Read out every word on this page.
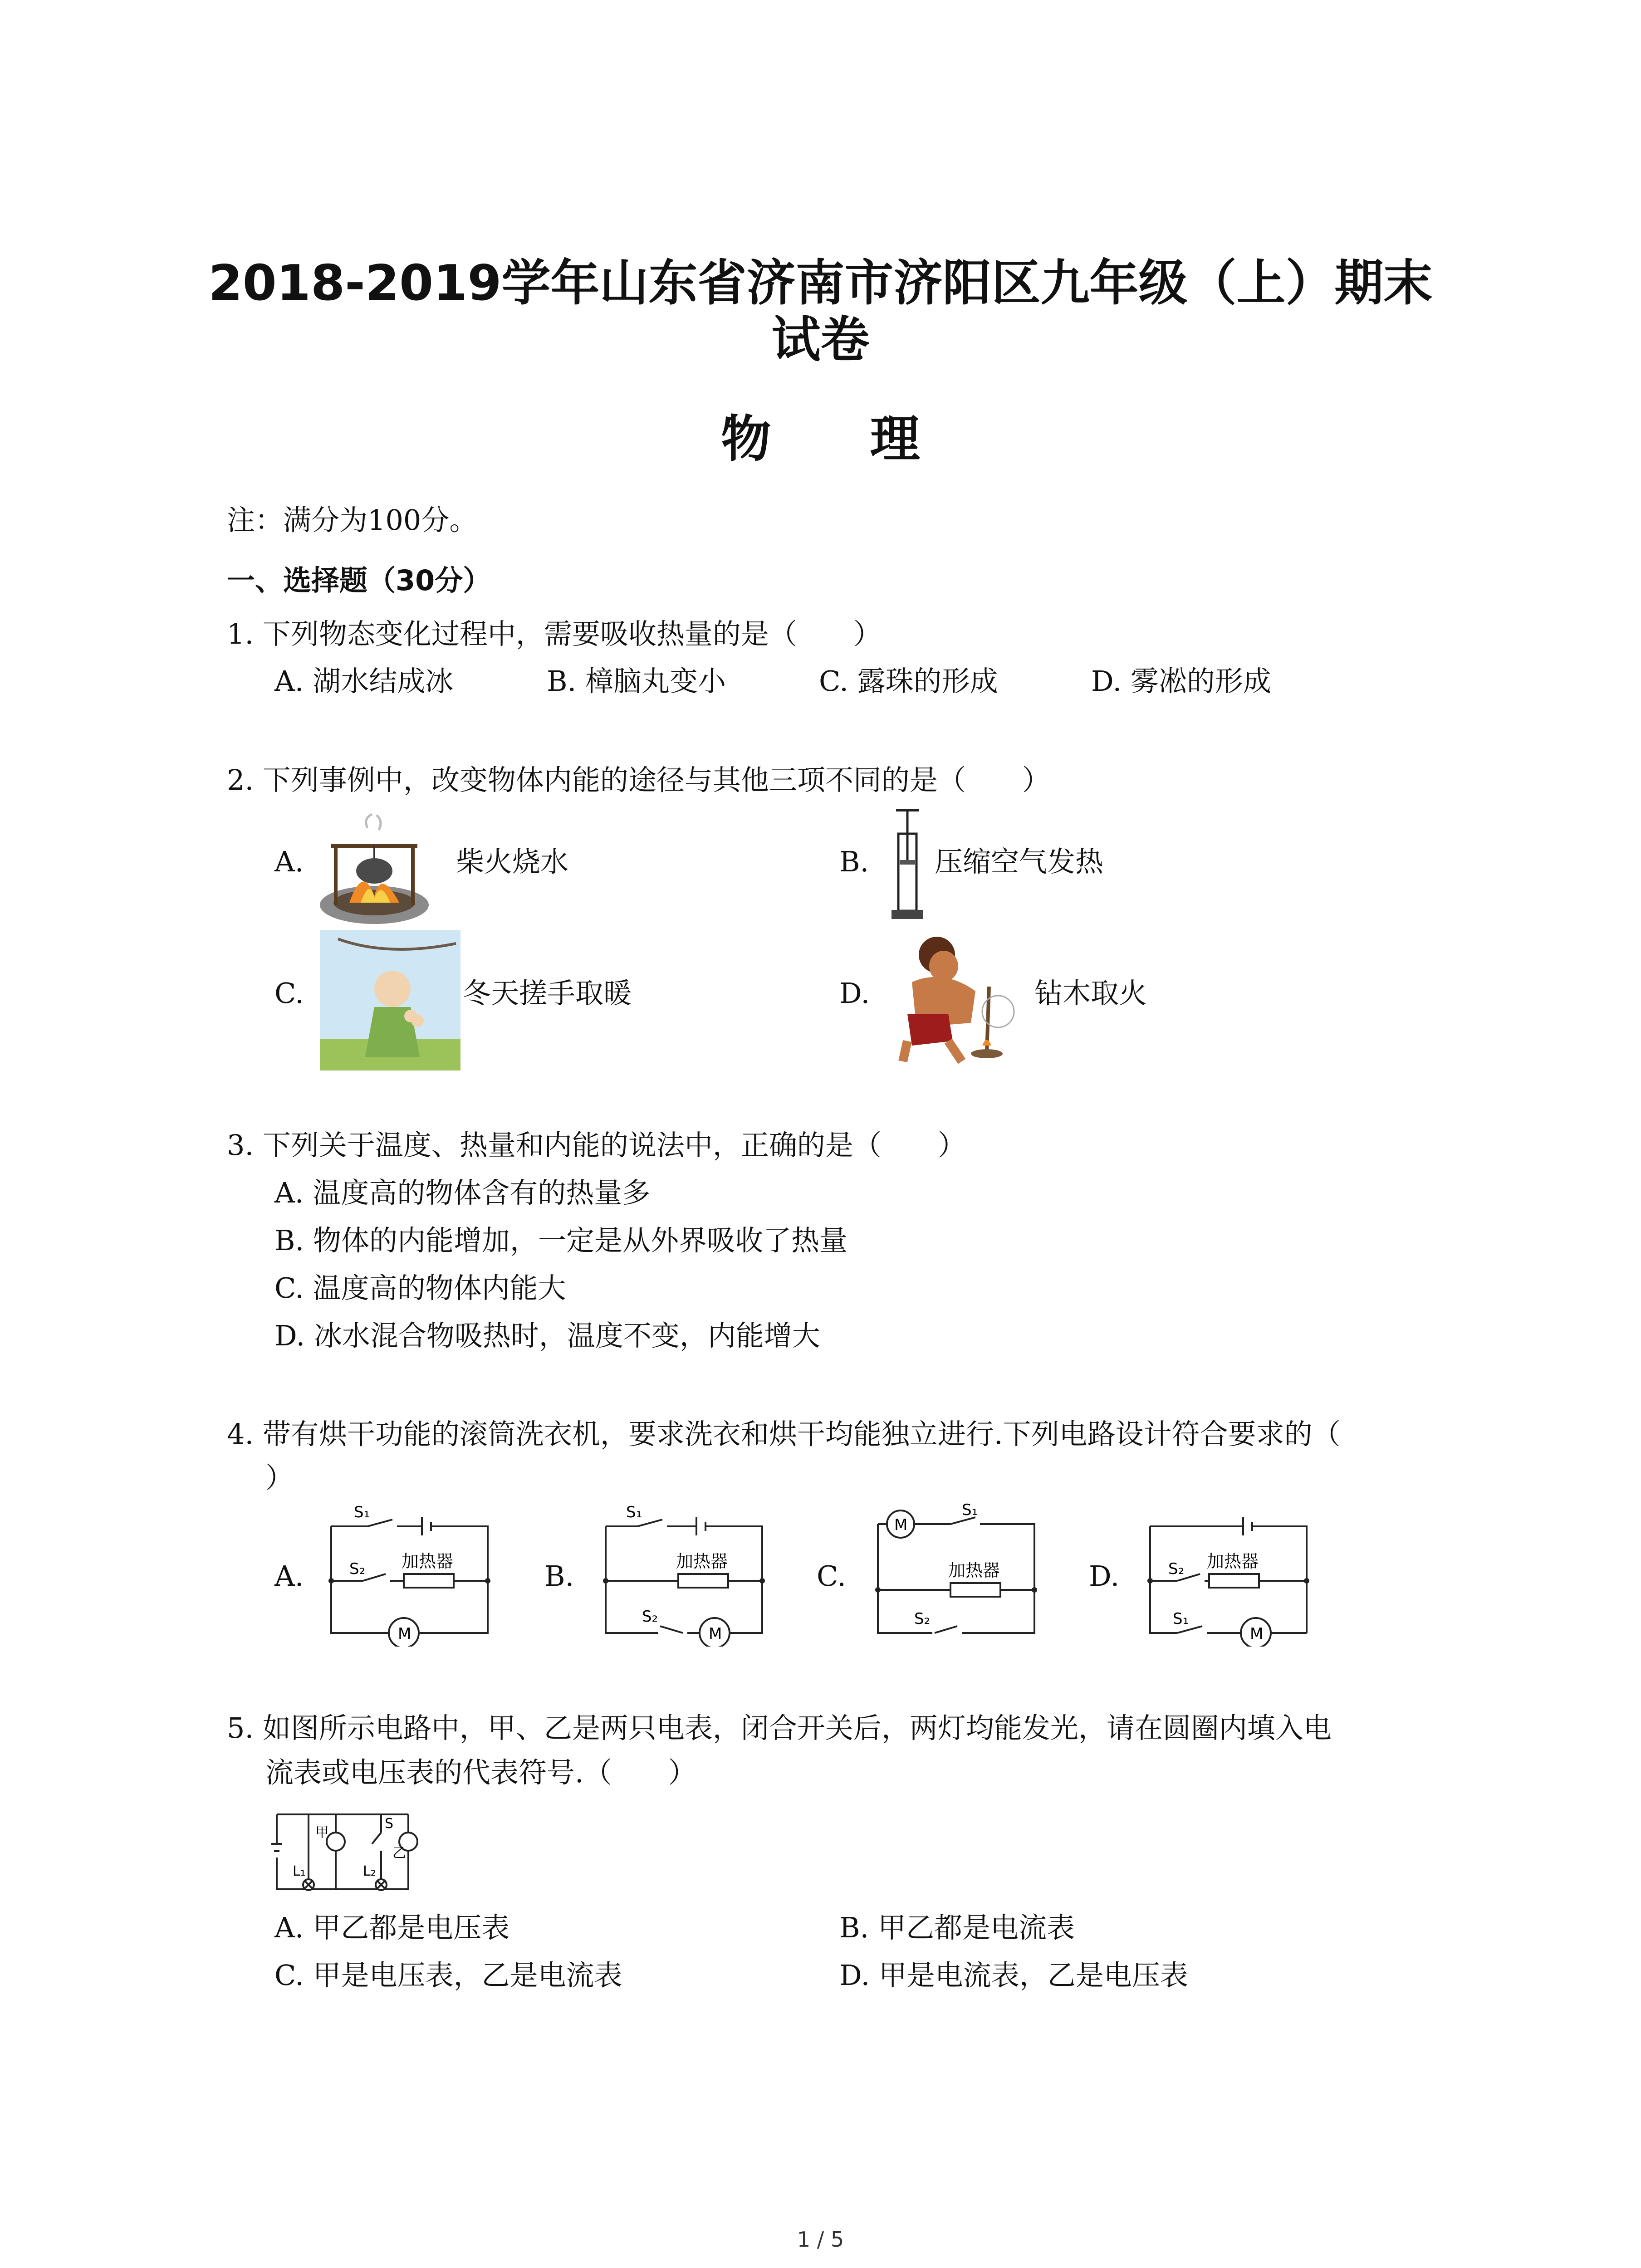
2018-2019学年山东省济南市济阳区九年级（上）期末
试卷
物 理
注：满分为100分。
一、选择题（30分）
1. 下列物态变化过程中，需要吸收热量的是（　　）
A. 湖水结成冰	B. 樟脑丸变小	C. 露珠的形成	D. 雾凇的形成
2. 下列事例中，改变物体内能的途径与其他三项不同的是（　　）
A.	柴火烧水	B. 压缩空气发热
C.	冬天搓手取暖	D.	钻木取火
3. 下列关于温度、热量和内能的说法中，正确的是（　　）
A. 温度高的物体含有的热量多
B. 物体的内能增加，一定是从外界吸收了热量
C. 温度高的物体内能大
D. 冰水混合物吸热时，温度不变，内能增大
4. 带有烘干功能的滚筒洗衣机，要求洗衣和烘干均能独立进行.下列电路设计符合要求的（
）
A.
S₁
S₂ 加热器
M
B.
S₁
S₂
加热器
M
C.
M
S₁
加热器
S₂
D.	S₂ 加热器
S₁
M
5. 如图所示电路中，甲、乙是两只电表，闭合开关后，两灯均能发光，请在圆圈内填入电
流表或电压表的代表符号.（　　）
甲
S
乙
L₁	L₂
A. 甲乙都是电压表	B. 甲乙都是电流表
C. 甲是电压表，乙是电流表	D. 甲是电流表，乙是电压表
1 / 5
